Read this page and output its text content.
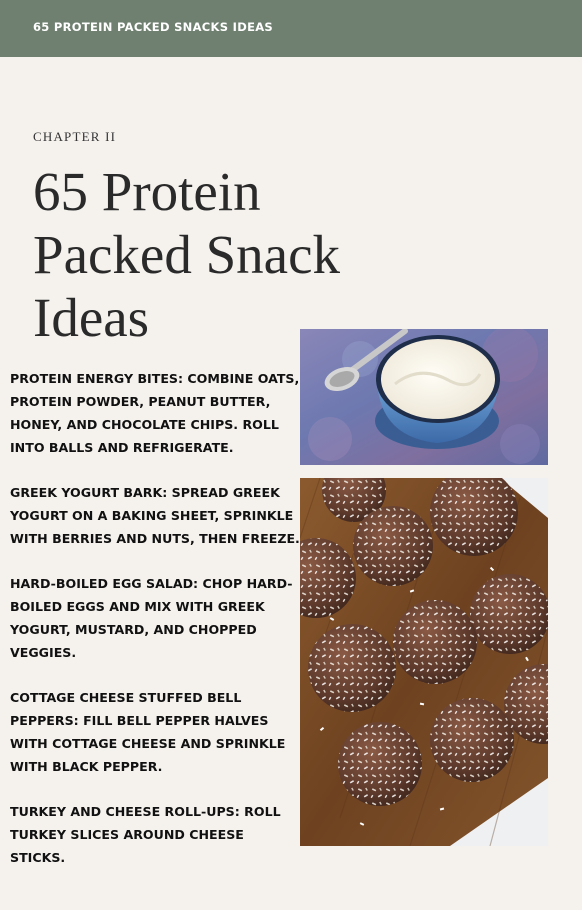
65 PROTEIN PACKED SNACKS IDEAS
CHAPTER II
65 Protein Packed Snack Ideas

PROTEIN ENERGY BITES: COMBINE OATS, PROTEIN POWDER, PEANUT BUTTER, HONEY, AND CHOCOLATE CHIPS. ROLL INTO BALLS AND REFRIGERATE.

GREEK YOGURT BARK: SPREAD GREEK YOGURT ON A BAKING SHEET, SPRINKLE WITH BERRIES AND NUTS, THEN FREEZE.

HARD-BOILED EGG SALAD: CHOP HARD-BOILED EGGS AND MIX WITH GREEK YOGURT, MUSTARD, AND CHOPPED VEGGIES.

COTTAGE CHEESE STUFFED BELL PEPPERS: FILL BELL PEPPER HALVES WITH COTTAGE CHEESE AND SPRINKLE WITH BLACK PEPPER.

TURKEY AND CHEESE ROLL-UPS: ROLL TURKEY SLICES AROUND CHEESE STICKS.
